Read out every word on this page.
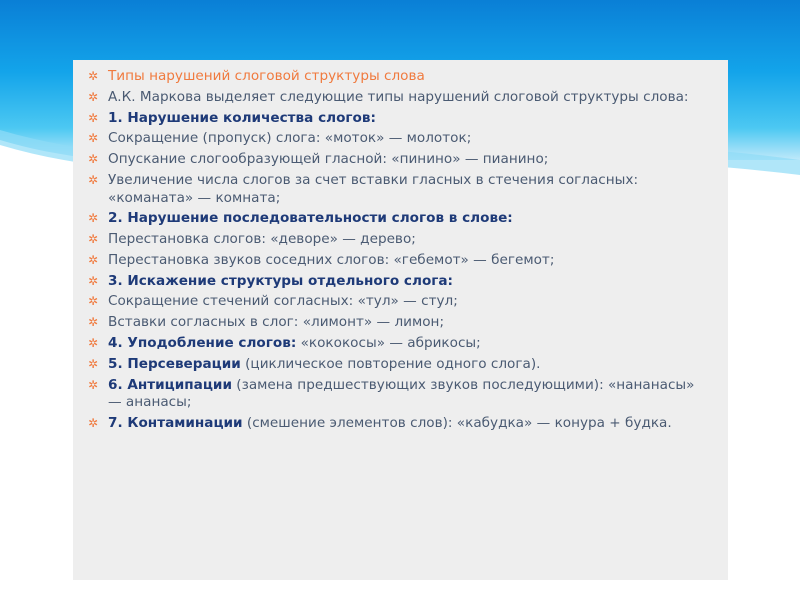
✲ Типы нарушений слоговой структуры слова
✲ А.К. Маркова выделяет следующие типы нарушений слоговой структуры слова:
✲ 1. Нарушение количества слогов:
✲ Сокращение (пропуск) слога: «моток» — молоток;
✲ Опускание слогообразующей гласной: «пинино» — пианино;
✲ Увеличение числа слогов за счет вставки гласных в стечения согласных: «команата» — комната;
✲ 2. Нарушение последовательности слогов в слове:
✲ Перестановка слогов: «деворе» — дерево;
✲ Перестановка звуков соседних слогов: «гебемот» — бегемот;
✲ 3. Искажение структуры отдельного слога:
✲ Сокращение стечений согласных: «тул» — стул;
✲ Вставки согласных в слог: «лимонт» — лимон;
✲ 4. Уподобление слогов: «кококосы» — абрикосы;
✲ 5. Персеверации (циклическое повторение одного слога).
✲ 6. Антиципации (замена предшествующих звуков последующими): «нананасы» — ананасы;
✲ 7. Контаминации (смешение элементов слов): «кабудка» — конура + будка.
